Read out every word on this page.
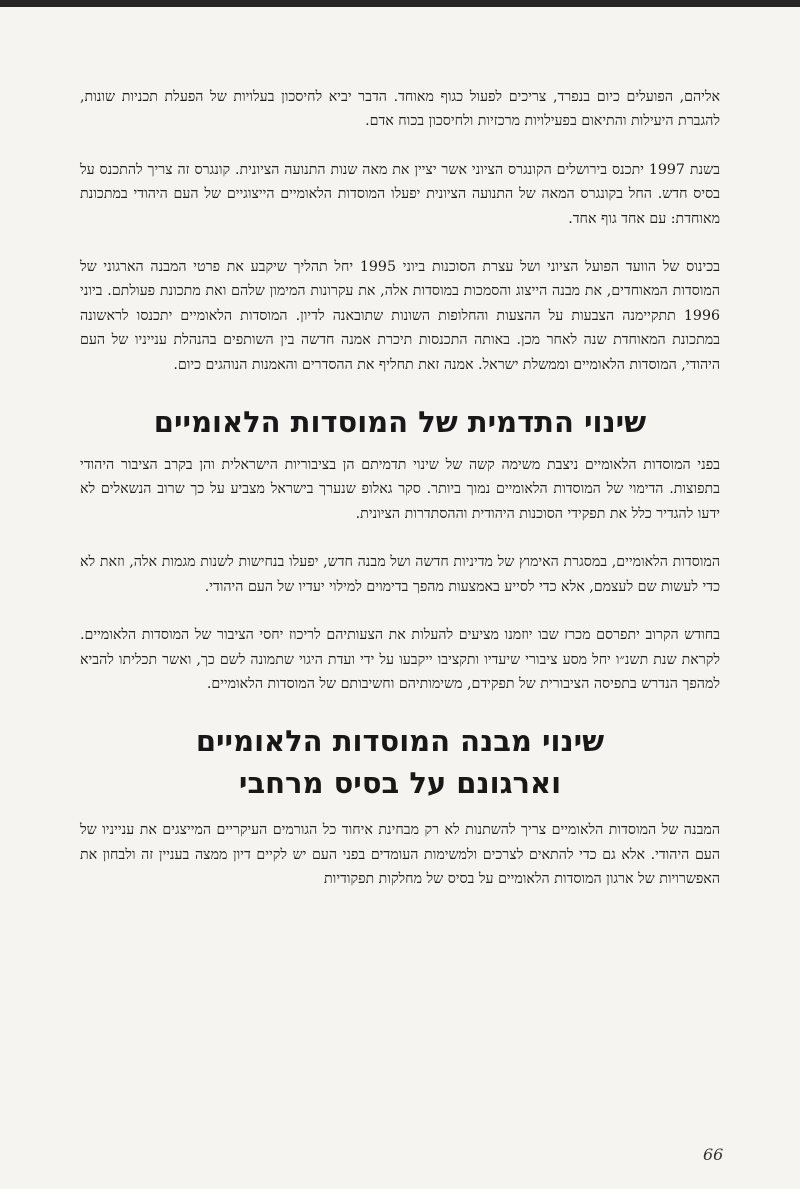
אליהם, הפועלים כיום בנפרד, צריכים לפעול כגוף מאוחד. הדבר יביא לחיסכון בעלויות של הפעלת תכניות שונות, להגברת היעילות והתיאום בפעילויות מרכזיות ולחיסכון בכוח אדם.

בשנת 1997 יתכנס בירושלים הקונגרס הציוני אשר יציין את מאה שנות התנועה הציונית. קונגרס זה צריך להתכנס על בסיס חדש. החל בקונגרס המאה של התנועה הציונית יפעלו המוסדות הלאומיים הייצוגיים של העם היהודי במתכונת מאוחדת: עם אחד גוף אחד.

בכינוס של הוועד הפועל הציוני ושל עצרת הסוכנות ביוני 1995 יחל תהליך שיקבע את פרטי המבנה הארגוני של המוסדות המאוחדים, את מבנה הייצוג והסמכות במוסדות אלה, את עקרונות המימון שלהם ואת מתכונת פעולתם. ביוני 1996 תתקיימנה הצבעות על ההצעות והחלופות השונות שתובאנה לדיון. המוסדות הלאומיים יתכנסו לראשונה במתכונת המאוחדת שנה לאחר מכן. באותה התכנסות תיכרת אמנה חדשה בין השותפים בהנהלת ענייניו של העם היהודי, המוסדות הלאומיים וממשלת ישראל. אמנה זאת תחליף את ההסדרים והאמנות הנוהגים כיום.

שינוי התדמית של המוסדות הלאומיים

בפני המוסדות הלאומיים ניצבת משימה קשה של שינוי תדמיתם הן בציבוריות הישראלית והן בקרב הציבור היהודי בתפוצות. הדימוי של המוסדות הלאומיים נמוך ביותר. סקר גאלופ שנערך בישראל מצביע על כך שרוב הנשאלים לא ידעו להגדיר כלל את תפקידי הסוכנות היהודית וההסתדרות הציונית.

המוסדות הלאומיים, במסגרת האימוץ של מדיניות חדשה ושל מבנה חדש, יפעלו בנחישות לשנות מגמות אלה, וזאת לא כדי לעשות שם לעצמם, אלא כדי לסייע באמצעות מהפך בדימוים למילוי יעדיו של העם היהודי.

בחודש הקרוב יתפרסם מכרז שבו יוזמנו מציעים להעלות את הצעותיהם לריכוז יחסי הציבור של המוסדות הלאומיים. לקראת שנת תשנ״ו יחל מסע ציבורי שיעדיו ותקציבו ייקבעו על ידי ועדת היגוי שתמונה לשם כך, ואשר תכליתו להביא למהפך הנדרש בתפיסה הציבורית של תפקידם, משימותיהם וחשיבותם של המוסדות הלאומיים.

שינוי מבנה המוסדות הלאומיים
וארגונם על בסיס מרחבי

המבנה של המוסדות הלאומיים צריך להשתנות לא רק מבחינת איחוד כל הגורמים העיקריים המייצגים את ענייניו של העם היהודי. אלא גם כדי להתאים לצרכים ולמשימות העומדים בפני העם יש לקיים דיון ממצה בעניין זה ולבחון את האפשרויות של ארגון המוסדות הלאומיים על בסיס של מחלקות תפקודיות

66
